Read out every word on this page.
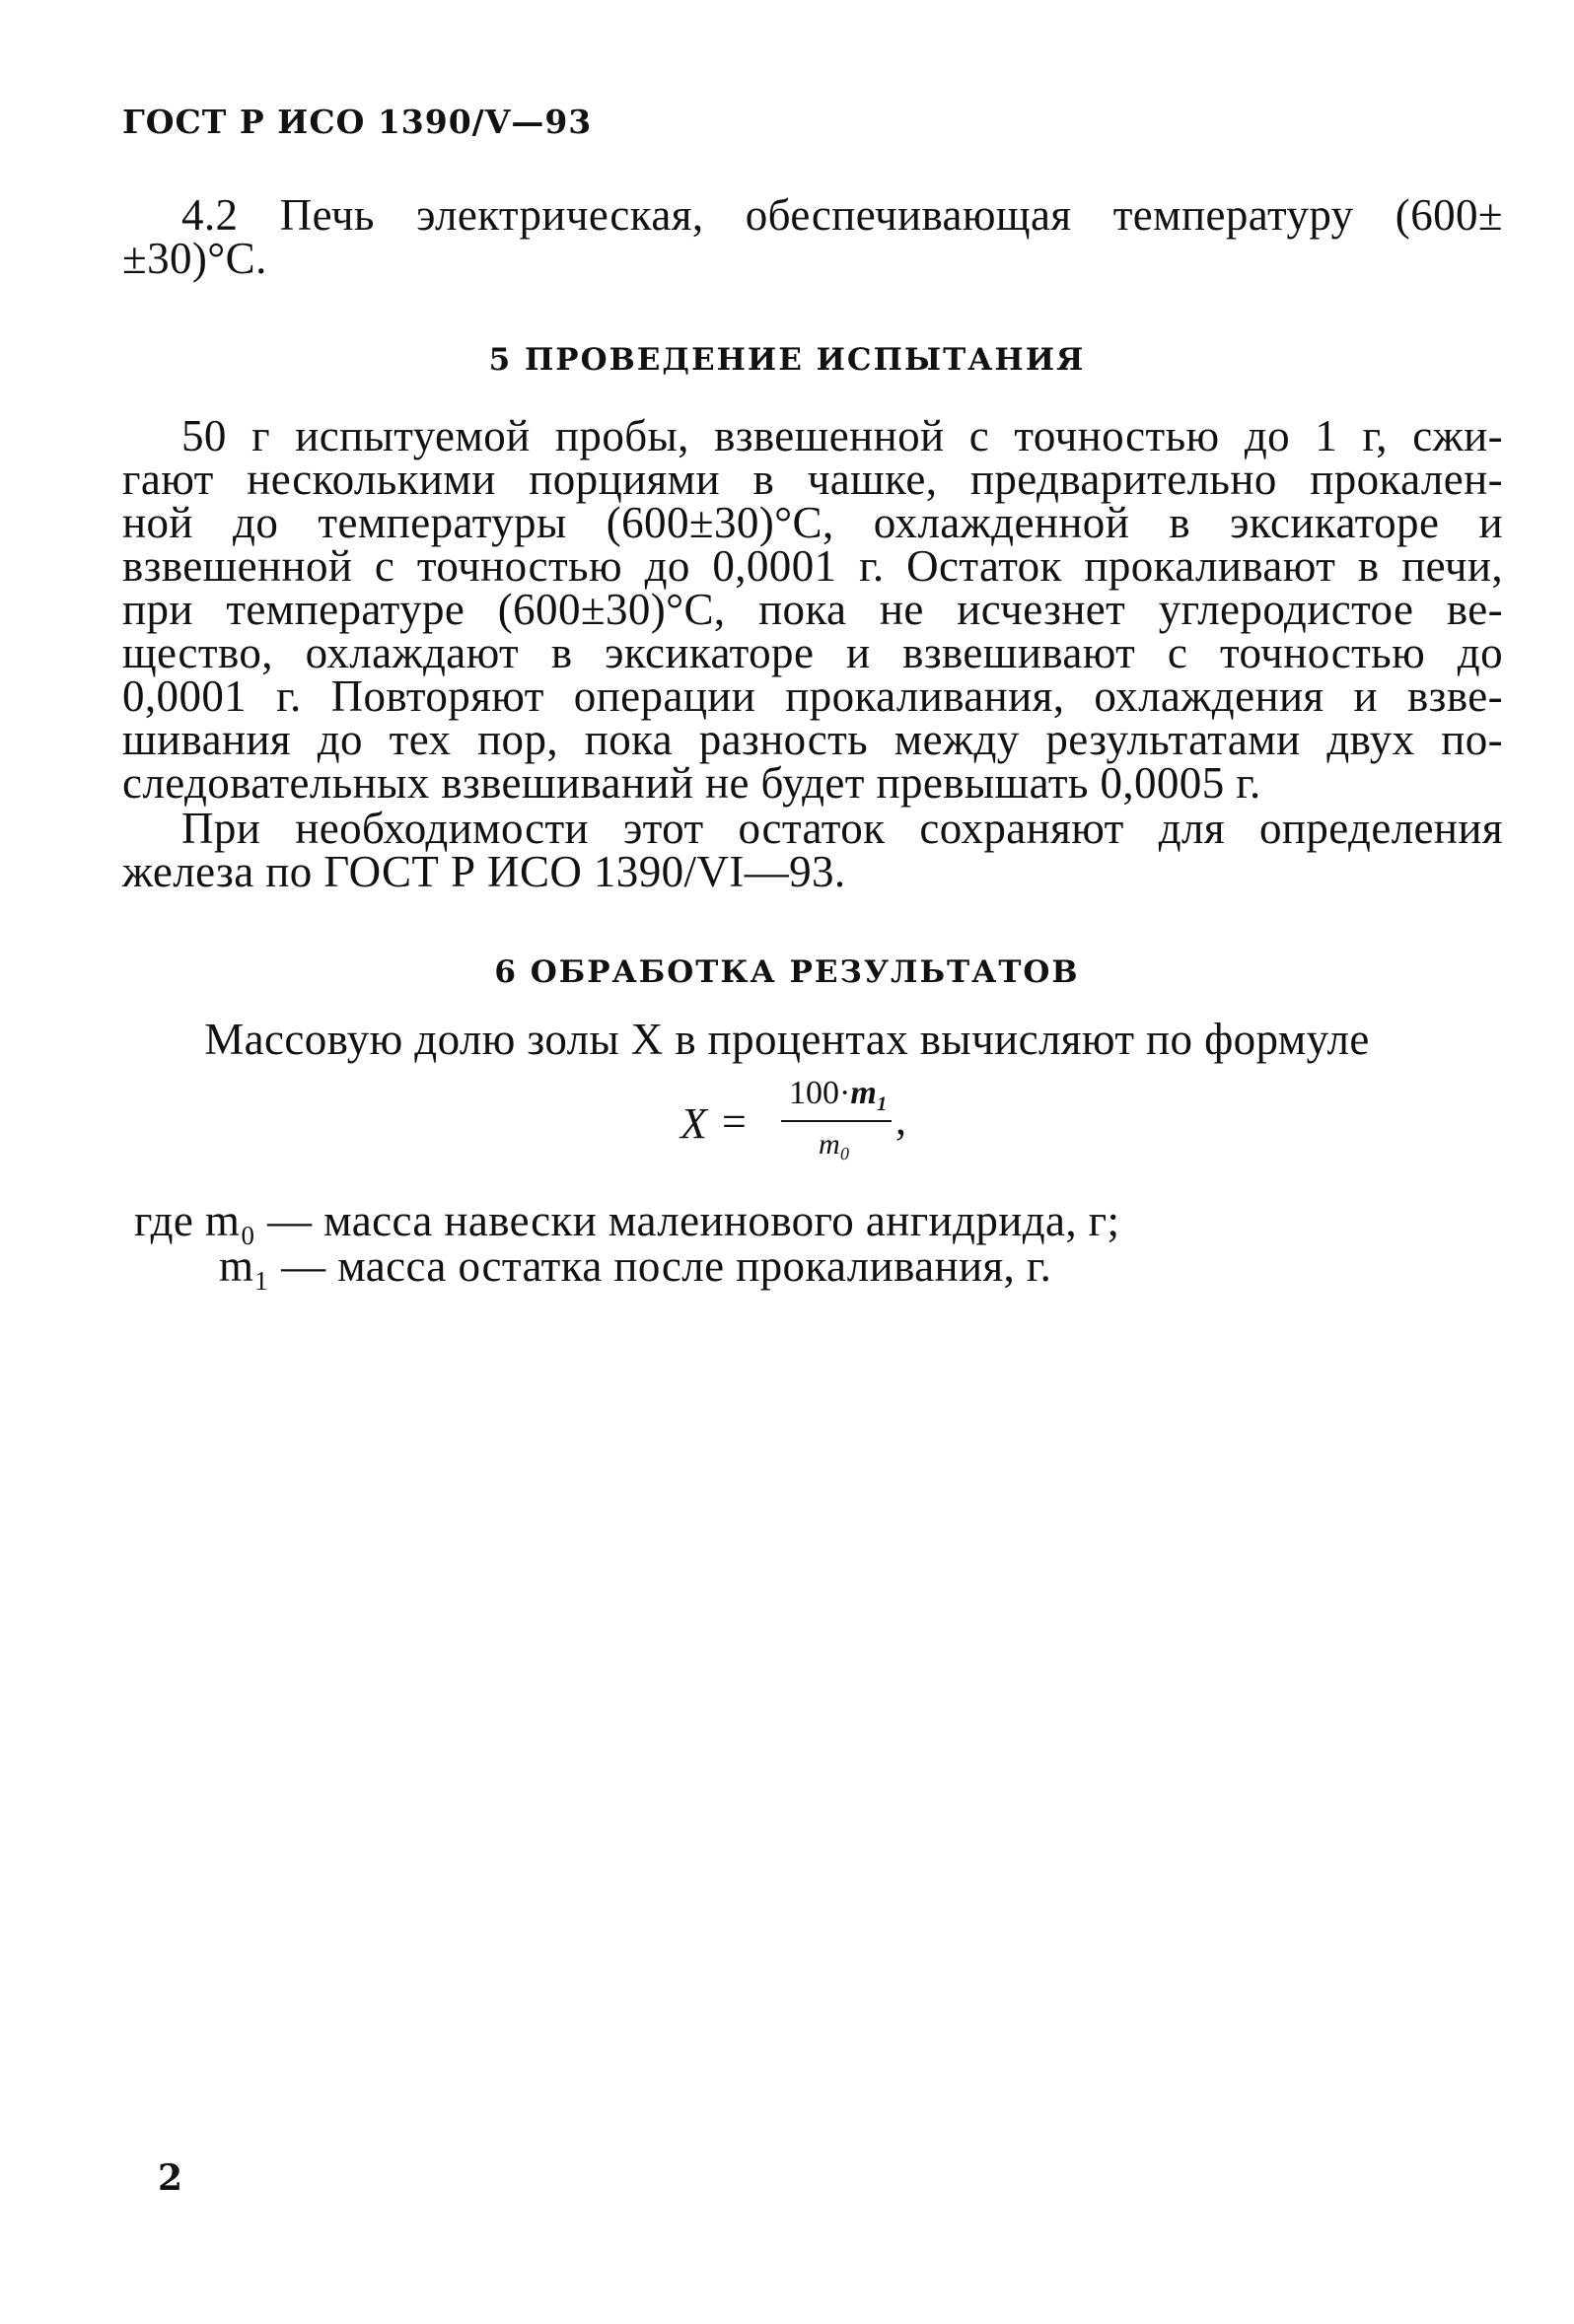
ГОСТ Р ИСО 1390/V—93
4.2 Печь электрическая, обеспечивающая температуру (600±
±30)°С.
5 ПРОВЕДЕНИЕ ИСПЫТАНИЯ
50 г испытуемой пробы, взвешенной с точностью до 1 г, сжи-
гают несколькими порциями в чашке, предварительно прокален-
ной до температуры (600±30)°С, охлажденной в эксикаторе и
взвешенной с точностью до 0,0001 г. Остаток прокаливают в печи,
при температуре (600±30)°С, пока не исчезнет углеродистое ве-
щество, охлаждают в эксикаторе и взвешивают с точностью до
0,0001 г. Повторяют операции прокаливания, охлаждения и взве-
шивания до тех пор, пока разность между результатами двух по-
следовательных взвешиваний не будет превышать 0,0005 г.
При необходимости этот остаток сохраняют для определения
железа по ГОСТ Р ИСО 1390/VI—93.
6 ОБРАБОТКА РЕЗУЛЬТАТОВ
Массовую долю золы X в процентах вычисляют по формуле
X =
100·m₁
m₀
,
где m₀ — масса навески малеинового ангидрида, г;
m₁ — масса остатка после прокаливания, г.
2
